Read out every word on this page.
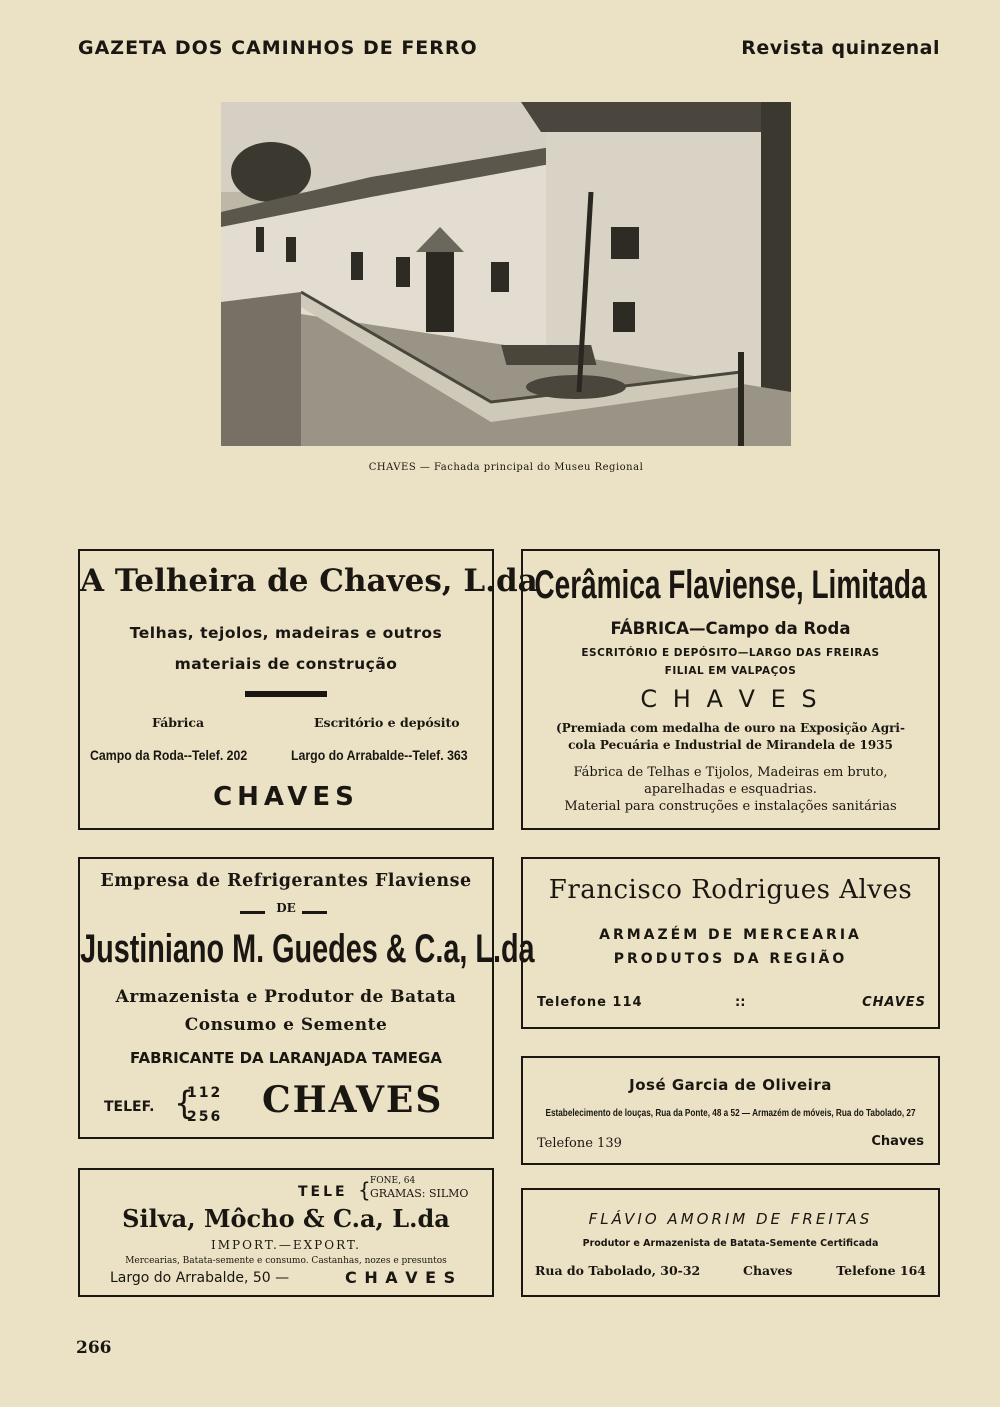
GAZETA DOS CAMINHOS DE FERRO	Revista quinzenal
CHAVES — Fachada principal do Museu Regional
A Telheira de Chaves, L.da
Telhas, tejolos, madeiras e outros
materiais de construção
Fábrica	Escritório e depósito
Campo da Roda--Telef. 202	Largo do Arrabalde--Telef. 363
CHAVES
Cerâmica Flaviense, Limitada
FÁBRICA—Campo da Roda
ESCRITÓRIO E DEPÓSITO—LARGO DAS FREIRAS
FILIAL EM VALPAÇOS
C H A V E S
(Premiada com medalha de ouro na Exposição Agri-
cola Pecuária e Industrial de Mirandela de 1935
Fábrica de Telhas e Tijolos, Madeiras em bruto,
aparelhadas e esquadrias.
Material para construções e instalações sanitárias
Empresa de Refrigerantes Flaviense
DE
Justiniano M. Guedes & C.a, L.da
Armazenista e Produtor de Batata
Consumo e Semente
FABRICANTE DA LARANJADA TAMEGA
TELEF. {
112
256 CHAVES
Francisco Rodrigues Alves
ARMAZÉM DE MERCEARIA
PRODUTOS DA REGIÃO
Telefone 114	::	CHAVES
José Garcia de Oliveira
Estabelecimento de louças, Rua da Ponte, 48 a 52 — Armazém de móveis, Rua do Tabolado, 27
Telefone 139	Chaves
TELE { FONE, 64
GRAMAS: SILMO
Silva, Môcho & C.a, L.da
IMPORT.—EXPORT.
Mercearias, Batata-semente e consumo. Castanhas, nozes e presuntos
Largo do Arrabalde, 50 —	C H A V E S
FLÁVIO AMORIM DE FREITAS
Produtor e Armazenista de Batata-Semente Certificada
Rua do Tabolado, 30-32	Chaves	Telefone 164
266
